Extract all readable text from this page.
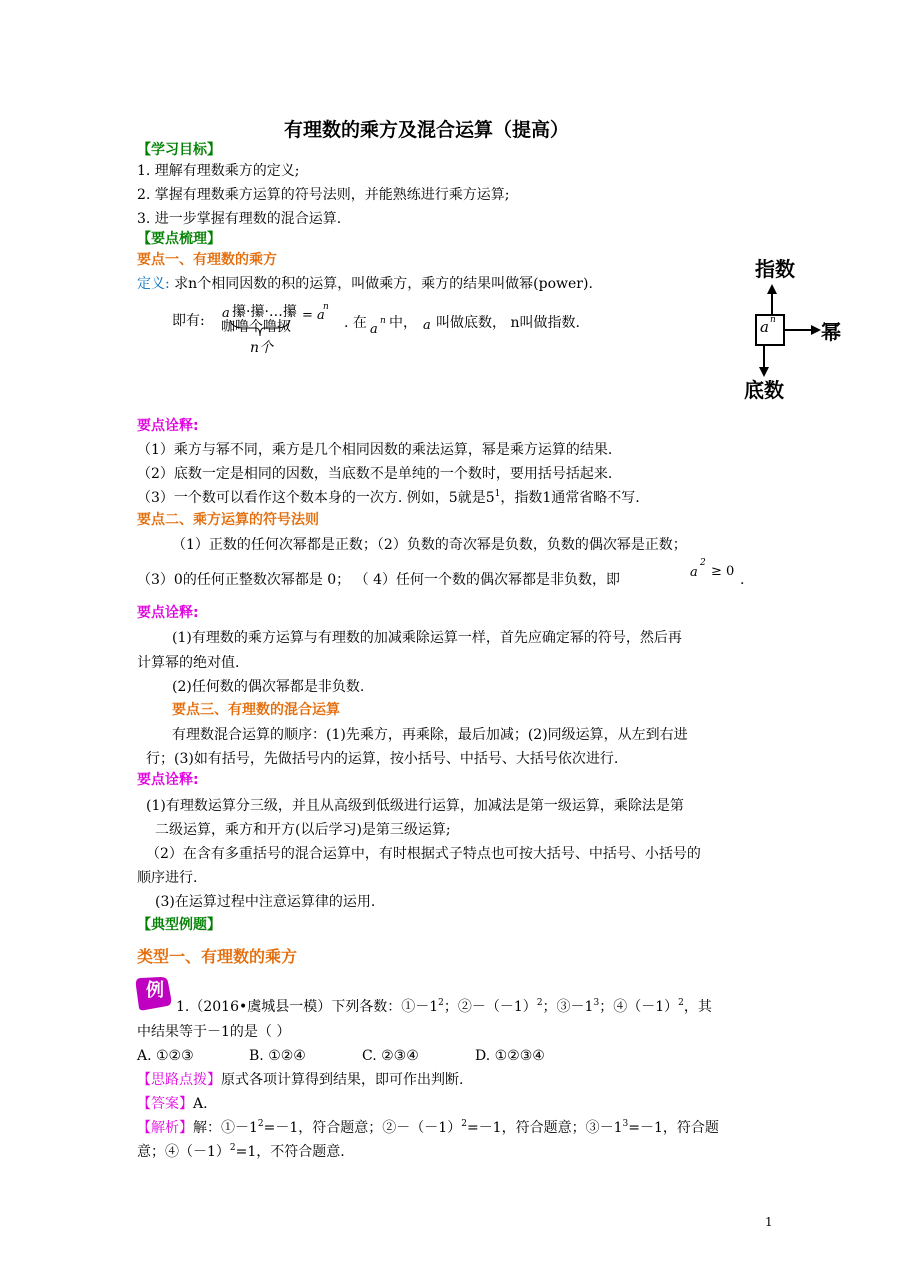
有理数的乘方及混合运算（提高）
【学习目标】
1. 理解有理数乘方的定义;
2. 掌握有理数乘方运算的符号法则，并能熟练进行乘方运算;
3. 进一步掌握有理数的混合运算.
【要点梳理】
要点一、有理数的乘方
定义: 求n个相同因数的积的运算，叫做乘方，乘方的结果叫做幂(power).
即有: a 攥·攥·…攥 = a
n
咖噜个噜㧐
n个
. 在 a
n 中， a 叫做底数， n叫做指数.
指数
幂
底数
a n
要点诠释:
（1）乘方与幂不同，乘方是几个相同因数的乘法运算，幂是乘方运算的结果.
（2）底数一定是相同的因数，当底数不是单纯的一个数时，要用括号括起来.
（3）一个数可以看作这个数本身的一次方. 例如，5就是$5^1$，指数1通常省略不写.
要点二、乘方运算的符号法则
（1）正数的任何次幂都是正数；（2）负数的奇次幂是负数，负数的偶次幂是正数；
（3）0的任何正整数次幂都是 0； （ 4）任何一个数的偶次幂都是非负数，即	a
2
≥ 0
.
要点诠释:
(1)有理数的乘方运算与有理数的加减乘除运算一样，首先应确定幂的符号，然后再
计算幂的绝对值.
(2)任何数的偶次幂都是非负数.
要点三、有理数的混合运算
有理数混合运算的顺序：(1)先乘方，再乘除，最后加减；(2)同级运算，从左到右进
行；(3)如有括号，先做括号内的运算，按小括号、中括号、大括号依次进行.
要点诠释:
(1)有理数运算分三级，并且从高级到低级进行运算，加减法是第一级运算，乘除法是第
二级运算，乘方和开方(以后学习)是第三级运算;
（2）在含有多重括号的混合运算中，有时根据式子特点也可按大括号、中括号、小括号的
顺序进行.
(3)在运算过程中注意运算律的运用.
【典型例题】
类型一、有理数的乘方
例
1.（2016•虞城县一模）下列各数：$①-1^2$；$②-(-1)^2$；$③-1^3$；$④(-1)^2$，其
中结果等于－1的是（ ）
A. ①②③	B. ①②④	C. ②③④	D. ①②③④
【思路点拨】原式各项计算得到结果，即可作出判断.
【答案】A.
【解析】解：$①-1^2=-1$，符合题意；$②-(-1)^2=-1$，符合题意；$③-1^3=-1$，符合题
意；$④(-1)^2=1$，不符合题意.
1
